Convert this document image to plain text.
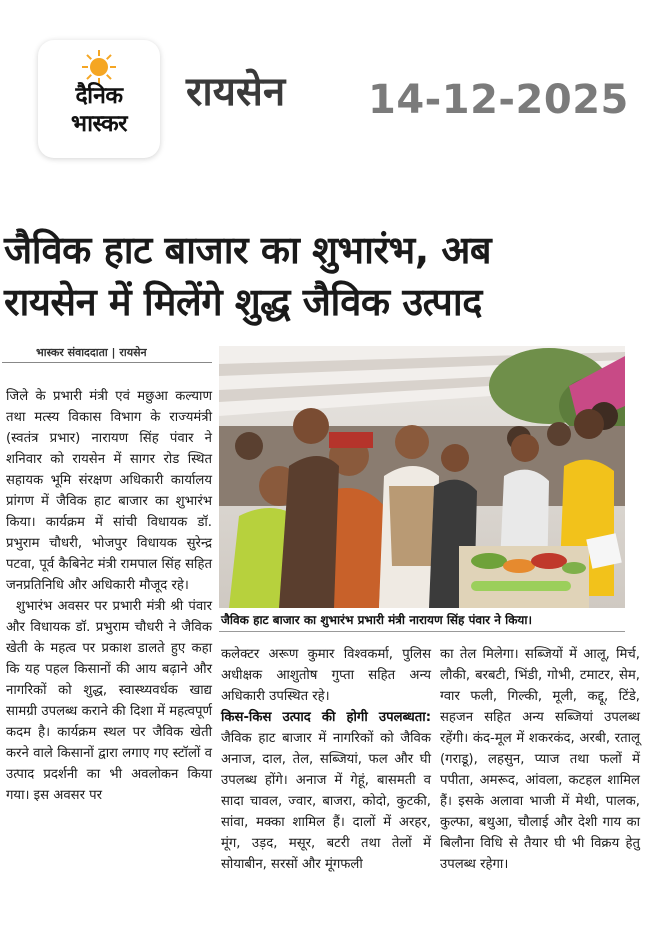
दैनिक
भास्कर
रायसेन 14-12-2025
जैविक हाट बाजार का शुभारंभ, अब
रायसेन में मिलेंगे शुद्ध जैविक उत्पाद
भास्कर संवाददाता | रायसेन

जिले के प्रभारी मंत्री एवं मछुआ कल्याण तथा मत्स्य विकास विभाग के राज्यमंत्री (स्वतंत्र प्रभार) नारायण सिंह पंवार ने शनिवार को रायसेन में सागर रोड स्थित सहायक भूमि संरक्षण अधिकारी कार्यालय प्रांगण में जैविक हाट बाजार का शुभारंभ किया। कार्यक्रम में सांची विधायक डॉ. प्रभुराम चौधरी, भोजपुर विधायक सुरेन्द्र पटवा, पूर्व कैबिनेट मंत्री रामपाल सिंह सहित जनप्रतिनिधि और अधिकारी मौजूद रहे।

शुभारंभ अवसर पर प्रभारी मंत्री श्री पंवार और विधायक डॉ. प्रभुराम चौधरी ने जैविक खेती के महत्व पर प्रकाश डालते हुए कहा कि यह पहल किसानों की आय बढ़ाने और नागरिकों को शुद्ध, स्वास्थ्यवर्धक खाद्य सामग्री उपलब्ध कराने की दिशा में महत्वपूर्ण कदम है। कार्यक्रम स्थल पर जैविक खेती करने वाले किसानों द्वारा लगाए गए स्टॉलों व उत्पाद प्रदर्शनी का भी अवलोकन किया गया। इस अवसर पर

जैविक हाट बाजार का शुभारंभ प्रभारी मंत्री नारायण सिंह पंवार ने किया।

कलेक्टर अरूण कुमार विश्वकर्मा, पुलिस अधीक्षक आशुतोष गुप्ता सहित अन्य अधिकारी उपस्थित रहे।

किस-किस उत्पाद की होगी उपलब्धता: जैविक हाट बाजार में नागरिकों को जैविक अनाज, दाल, तेल, सब्जियां, फल और घी उपलब्ध होंगे। अनाज में गेहूं, बासमती व सादा चावल, ज्वार, बाजरा, कोदो, कुटकी, सांवा, मक्का शामिल हैं। दालों में अरहर, मूंग, उड़द, मसूर, बटरी तथा तेलों में सोयाबीन, सरसों और मूंगफली

का तेल मिलेगा। सब्जियों में आलू, मिर्च, लौकी, बरबटी, भिंडी, गोभी, टमाटर, सेम, ग्वार फली, गिल्की, मूली, कद्दू, टिंडे, सहजन सहित अन्य सब्जियां उपलब्ध रहेंगी। कंद-मूल में शकरकंद, अरबी, रतालू (गराडू), लहसुन, प्याज तथा फलों में पपीता, अमरूद, आंवला, कटहल शामिल हैं। इसके अलावा भाजी में मेथी, पालक, कुल्फा, बथुआ, चौलाई और देशी गाय का बिलौना विधि से तैयार घी भी विक्रय हेतु उपलब्ध रहेगा।
